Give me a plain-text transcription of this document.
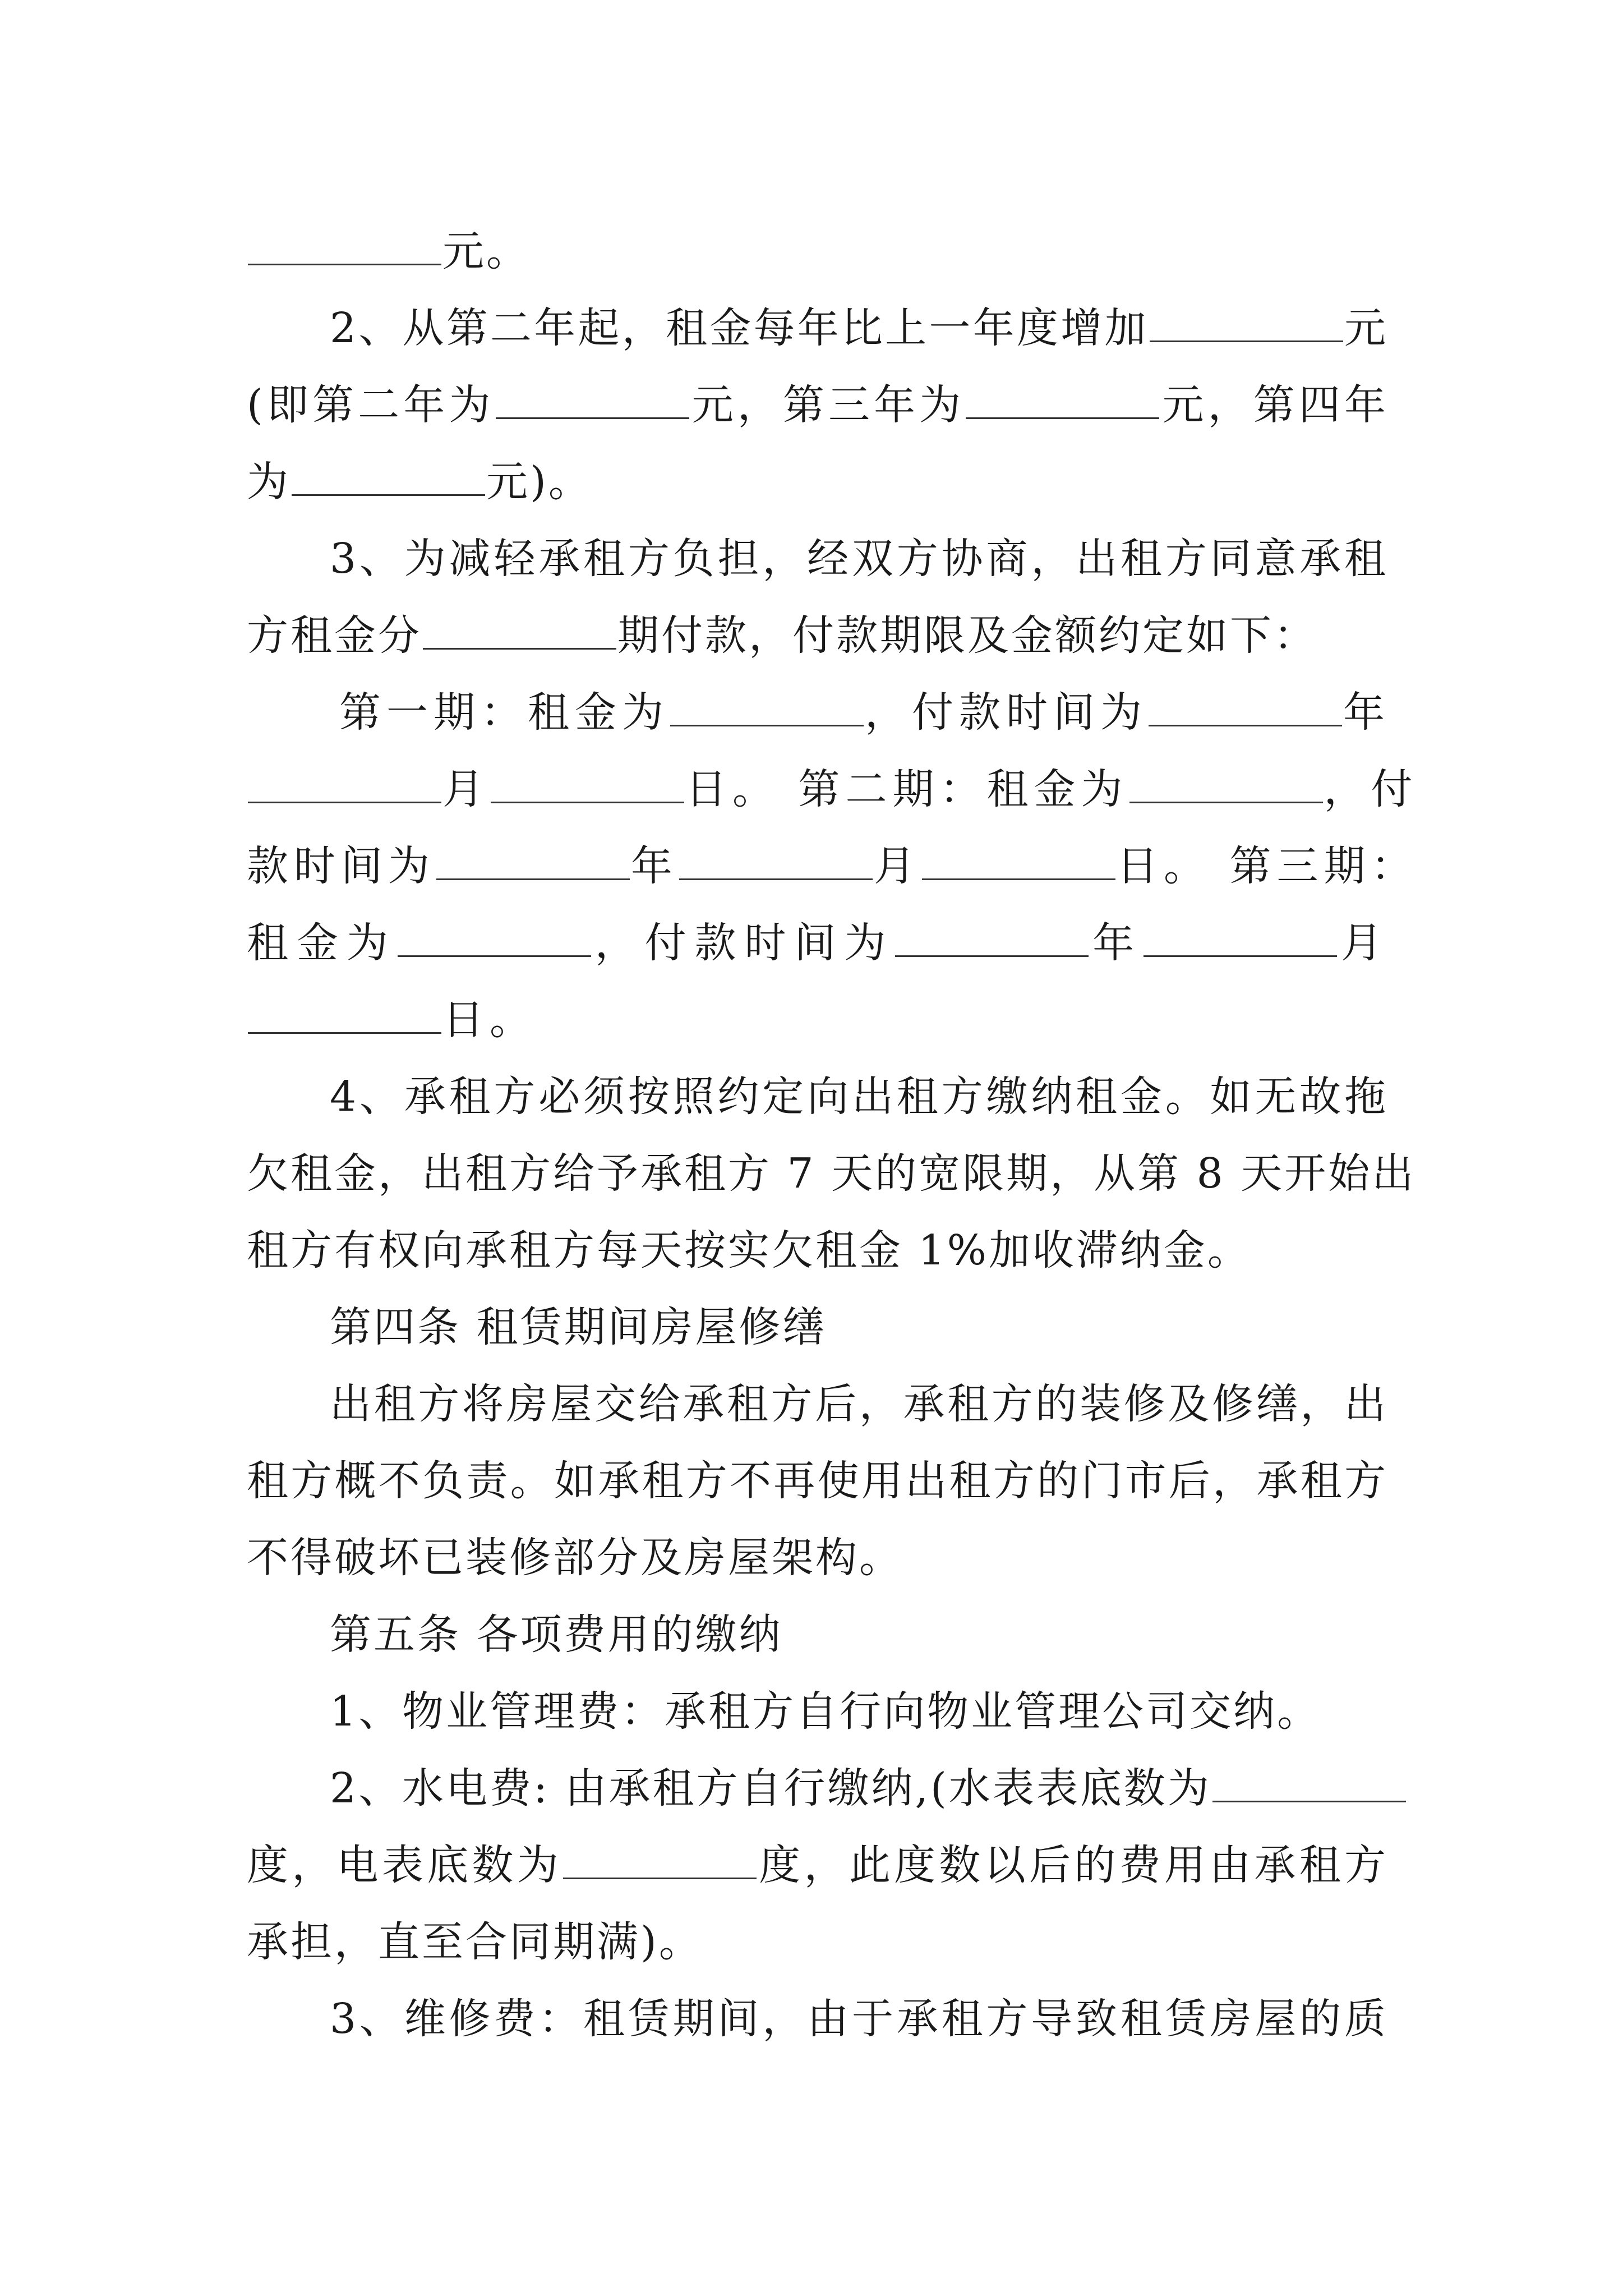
元。
2、从第二年起，租金每年比上一年度增加	元
(即第二年为	元，第三年为	元，第四年
为	元)。
3、为减轻承租方负担，经双方协商，出租方同意承租
方租金分	期付款，付款期限及金额约定如下：
第一期：租金为	，付款时间为	年
月	日。 第二期：租金为	，付
款时间为	年	月	日。 第三期：
租金为	，付款时间为	年	月
日。
4、承租方必须按照约定向出租方缴纳租金。如无故拖
欠租金，出租方给予承租方 7 天的宽限期，从第 8 天开始出
租方有权向承租方每天按实欠租金 1%加收滞纳金。
第四条 租赁期间房屋修缮
出租方将房屋交给承租方后，承租方的装修及修缮，出
租方概不负责。如承租方不再使用出租方的门市后，承租方
不得破坏已装修部分及房屋架构。
第五条 各项费用的缴纳
1、物业管理费：承租方自行向物业管理公司交纳。
2、水电费: 由承租方自行缴纳,(水表表底数为
度，电表底数为	度，此度数以后的费用由承租方
承担，直至合同期满)。
3、维修费：租赁期间，由于承租方导致租赁房屋的质
